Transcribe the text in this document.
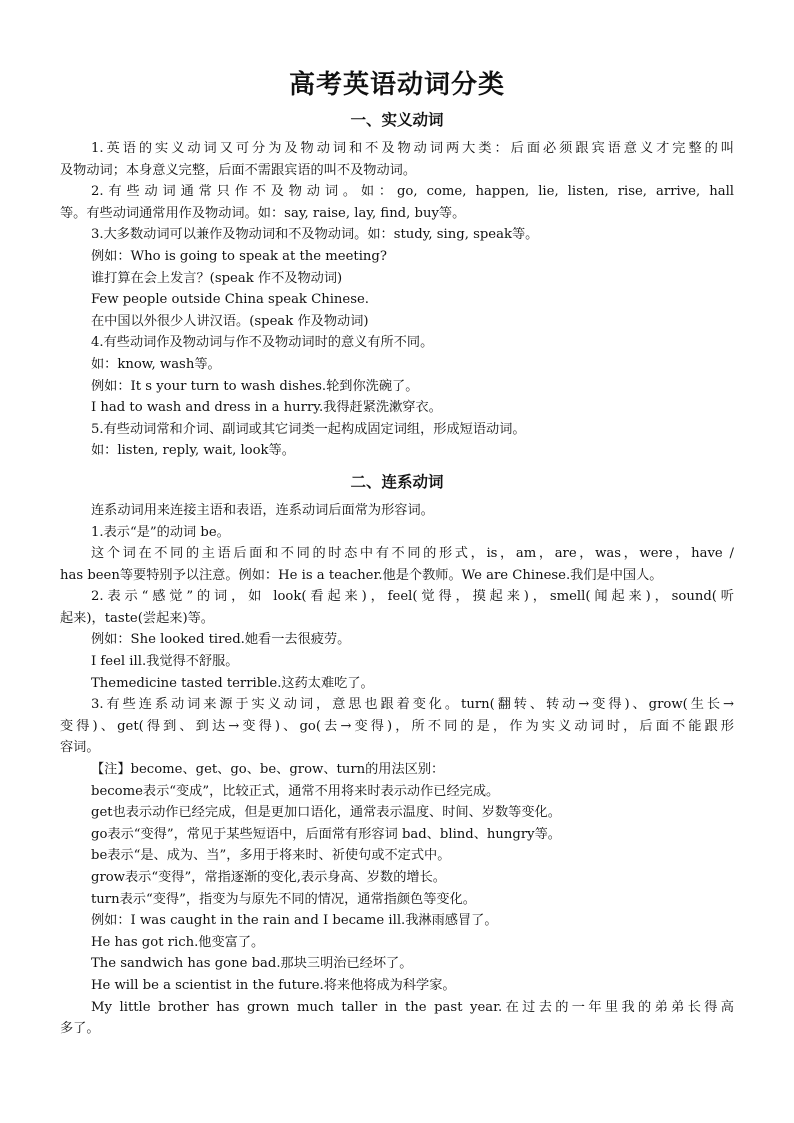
高考英语动词分类
一、实义动词

1.英语的实义动词又可分为及物动词和不及物动词两大类：后面必须跟宾语意义才完整的叫

及物动词；本身意义完整，后面不需跟宾语的叫不及物动词。

2.有些动词通常只作不及物动词。如：go, come, happen, lie, listen, rise, arrive, hall

等。有些动词通常用作及物动词。如：say, raise, lay, find, buy等。

3.大多数动词可以兼作及物动词和不及物动词。如：study, sing, speak等。

例如：Who is going to speak at the meeting?

谁打算在会上发言？(speak 作不及物动词)

Few people outside China speak Chinese.

在中国以外很少人讲汉语。(speak 作及物动词)

4.有些动词作及物动词与作不及物动词时的意义有所不同。

如：know, wash等。

例如：It s your turn to wash dishes.轮到你洗碗了。

I had to wash and dress in a hurry.我得赶紧洗漱穿衣。

5.有些动词常和介词、副词或其它词类一起构成固定词组，形成短语动词。

如：listen, reply, wait, look等。

二、连系动词

连系动词用来连接主语和表语，连系动词后面常为形容词。

1.表示“是”的动词 be。

这个词在不同的主语后面和不同的时态中有不同的形式，is，am，are，was，were，have /

has been等要特别予以注意。例如：He is a teacher.他是个教师。We are Chinese.我们是中国人。

2.表示“感觉”的词，如 look(看起来)，feel(觉得，摸起来)，smell(闻起来)，sound(听

起来)，taste(尝起来)等。

例如：She looked tired.她看一去很疲劳。

I feel ill.我觉得不舒服。

Themedicine tasted terrible.这药太难吃了。

3.有些连系动词来源于实义动词，意思也跟着变化。turn(翻转、转动→变得)、grow(生长→

变得)、get(得到、到达→变得)、go(去→变得)，所不同的是，作为实义动词时，后面不能跟形

容词。

【注】become、get、go、be、grow、turn的用法区别：

become表示“变成”，比较正式，通常不用将来时表示动作已经完成。

get也表示动作已经完成，但是更加口语化，通常表示温度、时间、岁数等变化。

go表示“变得”，常见于某些短语中，后面常有形容词 bad、blind、hungry等。

be表示“是、成为、当”，多用于将来时、祈使句或不定式中。

grow表示“变得”，常指逐渐的变化,表示身高、岁数的增长。

turn表示“变得”，指变为与原先不同的情况，通常指颜色等变化。

例如：I was caught in the rain and I became ill.我淋雨感冒了。

He has got rich.他变富了。

The sandwich has gone bad.那块三明治已经坏了。

He will be a scientist in the future.将来他将成为科学家。

My little brother has grown much taller in the past year.在过去的一年里我的弟弟长得高

多了。
